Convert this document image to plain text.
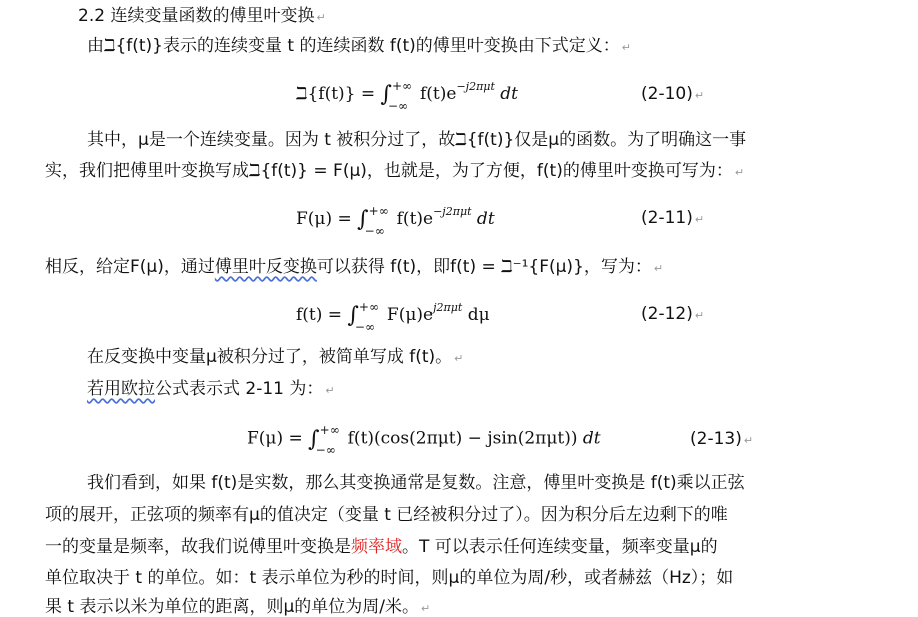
2.2 连续变量函数的傅里叶变换 ↵
由ℶ{f(t)}表示的连续变量 t 的连续函数 f(t)的傅里叶变换由下式定义： ↵
ℶ{f(t)} = ∫ +∞
−∞
$f(t)e^{-j2\pi\mu t}$ dt	(2-10) ↵
其中，μ是一个连续变量。因为 t 被积分过了，故ℶ{f(t)}仅是μ的函数。为了明确这一事
实，我们把傅里叶变换写成ℶ{f(t)} = F(μ)，也就是，为了方便，f(t)的傅里叶变换可写为： ↵
F(μ) = ∫ +∞
−∞
$f(t)e^{-j2\pi\mu t}$ dt	(2-11) ↵
相反，给定F(μ)，通过傅里叶反变换可以获得 f(t)，即f(t) = ℶ⁻¹{F(μ)}，写为： ↵
f(t) = ∫ +∞
−∞
$F(\mu)e^{j2\pi\mu t}$ dμ	(2-12) ↵
在反变换中变量μ被积分过了，被简单写成 f(t)。 ↵
若用欧拉公式表示式 2-11 为： ↵
F(μ) = ∫ +∞
−∞
f(t)(cos(2πμt) − jsin(2πμt)) dt	(2-13) ↵
我们看到，如果 f(t)是实数，那么其变换通常是复数。注意，傅里叶变换是 f(t)乘以正弦
项的展开，正弦项的频率有μ的值决定（变量 t 已经被积分过了）。因为积分后左边剩下的唯
一的变量是频率，故我们说傅里叶变换是频率域。T 可以表示任何连续变量，频率变量μ的
单位取决于 t 的单位。如：t 表示单位为秒的时间，则μ的单位为周/秒，或者赫兹（Hz）；如
果 t 表示以米为单位的距离，则μ的单位为周/米。 ↵
